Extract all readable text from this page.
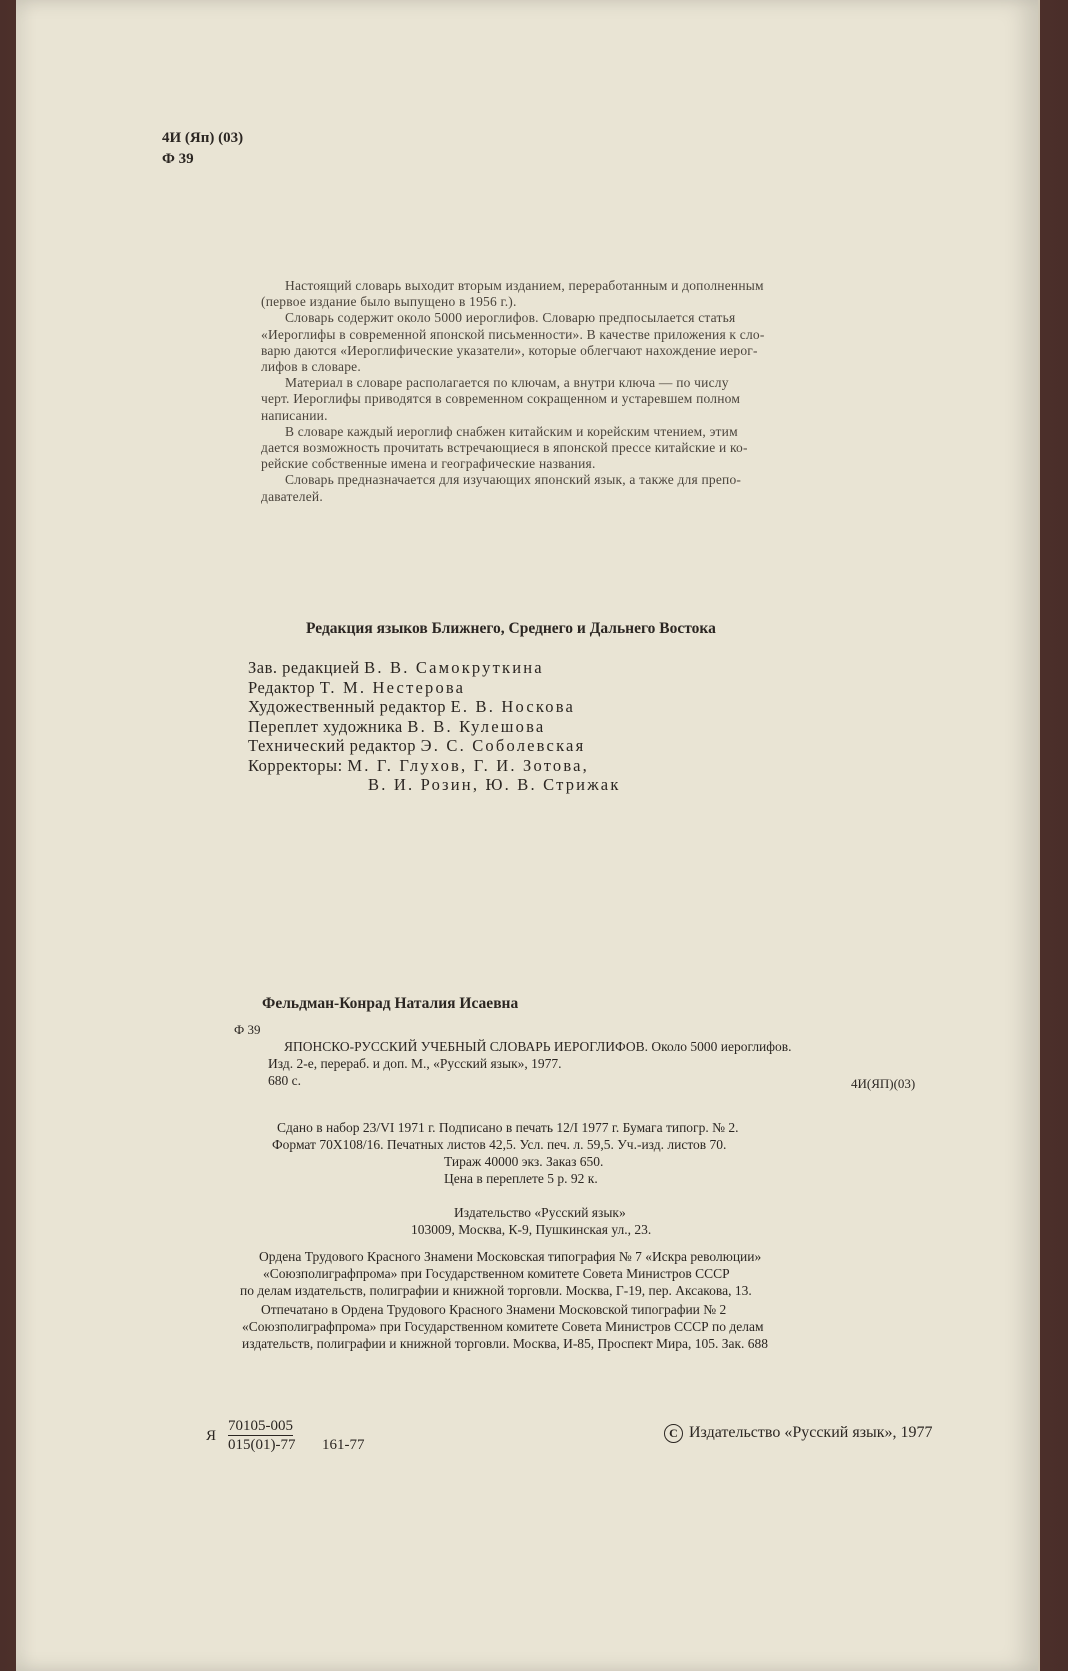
4И (Яп) (03)
Ф 39

Настоящий словарь выходит вторым изданием, переработанным и дополненным

(первое издание было выпущено в 1956 г.).

Словарь содержит около 5000 иероглифов. Словарю предпосылается статья

«Иероглифы в современной японской письменности». В качестве приложения к сло-

варю даются «Иероглифические указатели», которые облегчают нахождение иерог-

лифов в словаре.

Материал в словаре располагается по ключам, а внутри ключа — по числу

черт. Иероглифы приводятся в современном сокращенном и устаревшем полном

написании.

В словаре каждый иероглиф снабжен китайским и корейским чтением, этим

дается возможность прочитать встречающиеся в японской прессе китайские и ко-

рейские собственные имена и географические названия.

Словарь предназначается для изучающих японский язык, а также для препо-

давателей.

Редакция языков Ближнего, Среднего и Дальнего Востока
Зав. редакцией В. В. Самокруткина
Редактор Т. М. Нестерова
Художественный редактор Е. В. Носкова
Переплет художника В. В. Кулешова
Технический редактор Э. С. Соболевская
Корректоры: М. Г. Глухов, Г. И. Зотова,
В. И. Розин, Ю. В. Стрижак
Фельдман-Конрад Наталия Исаевна
Ф 39
ЯПОНСКО-РУССКИЙ УЧЕБНЫЙ СЛОВАРЬ ИЕРОГЛИФОВ. Около 5000 иероглифов.
Изд. 2-е, перераб. и доп. М., «Русский язык», 1977.
680 с.	4И(ЯП)(03)
Сдано в набор 23/VI 1971 г. Подписано в печать 12/I 1977 г. Бумага типогр. № 2.
Формат 70Х108/16. Печатных листов 42,5. Усл. печ. л. 59,5. Уч.-изд. листов 70.
Тираж 40000 экз. Заказ 650.
Цена в переплете 5 р. 92 к.
Издательство «Русский язык»
103009, Москва, К-9, Пушкинская ул., 23.
Ордена Трудового Красного Знамени Московская типография № 7 «Искра революции»
«Союзполиграфпрома» при Государственном комитете Совета Министров СССР
по делам издательств, полиграфии и книжной торговли. Москва, Г-19, пер. Аксакова, 13.
Отпечатано в Ордена Трудового Красного Знамени Московской типографии № 2
«Союзполиграфпрома» при Государственном комитете Совета Министров СССР по делам
издательств, полиграфии и книжной торговли. Москва, И-85, Проспект Мира, 105. Зак. 688
Я
70105-005
015(01)-77 161-77
C Издательство «Русский язык», 1977
